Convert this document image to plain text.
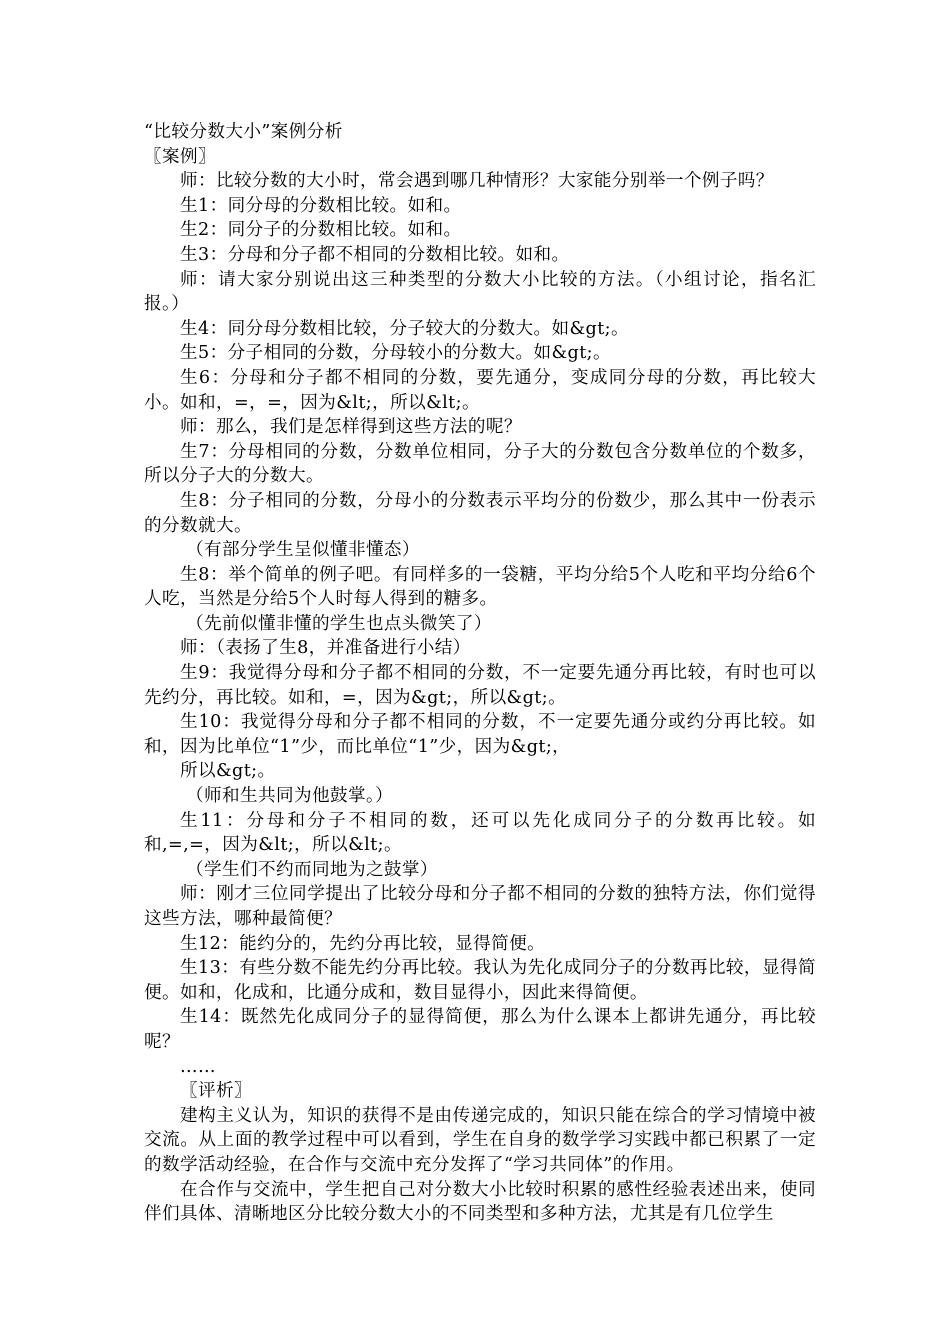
“比较分数大小”案例分析

〖案例〗

师：比较分数的大小时，常会遇到哪几种情形？大家能分别举一个例子吗？

生1：同分母的分数相比较。如和。

生2：同分子的分数相比较。如和。

生3：分母和分子都不相同的分数相比较。如和。

师：请大家分别说出这三种类型的分数大小比较的方法。（小组讨论，指名汇报。）

生4：同分母分数相比较，分子较大的分数大。如&gt;。

生5：分子相同的分数，分母较小的分数大。如&gt;。

生6：分母和分子都不相同的分数，要先通分，变成同分母的分数，再比较大小。如和，=，=，因为&lt;，所以&lt;。

师：那么，我们是怎样得到这些方法的呢？

生7：分母相同的分数，分数单位相同，分子大的分数包含分数单位的个数多，所以分子大的分数大。

生8：分子相同的分数，分母小的分数表示平均分的份数少，那么其中一份表示的分数就大。

（有部分学生呈似懂非懂态）

生8：举个简单的例子吧。有同样多的一袋糖，平均分给5个人吃和平均分给6个人吃，当然是分给5个人时每人得到的糖多。

（先前似懂非懂的学生也点头微笑了）

师：（表扬了生8，并准备进行小结）

生9：我觉得分母和分子都不相同的分数，不一定要先通分再比较，有时也可以先约分，再比较。如和，=，因为&gt;，所以&gt;。

生10：我觉得分母和分子都不相同的分数，不一定要先通分或约分再比较。如和，因为比单位“1”少，而比单位“1”少，因为&gt;，

所以&gt;。

（师和生共同为他鼓掌。）

生11：分母和分子不相同的数，还可以先化成同分子的分数再比较。如和,=,=，因为&lt;，所以&lt;。

（学生们不约而同地为之鼓掌）

师：刚才三位同学提出了比较分母和分子都不相同的分数的独特方法，你们觉得这些方法，哪种最简便？

生12：能约分的，先约分再比较，显得简便。

生13：有些分数不能先约分再比较。我认为先化成同分子的分数再比较，显得简便。如和，化成和，比通分成和，数目显得小，因此来得简便。

生14：既然先化成同分子的显得简便，那么为什么课本上都讲先通分，再比较呢？

……

〖评析〗

建构主义认为，知识的获得不是由传递完成的，知识只能在综合的学习情境中被交流。从上面的教学过程中可以看到，学生在自身的数学学习实践中都已积累了一定的数学活动经验，在合作与交流中充分发挥了“学习共同体”的作用。

在合作与交流中，学生把自己对分数大小比较时积累的感性经验表述出来，使同伴们具体、清晰地区分比较分数大小的不同类型和多种方法，尤其是有几位学生
